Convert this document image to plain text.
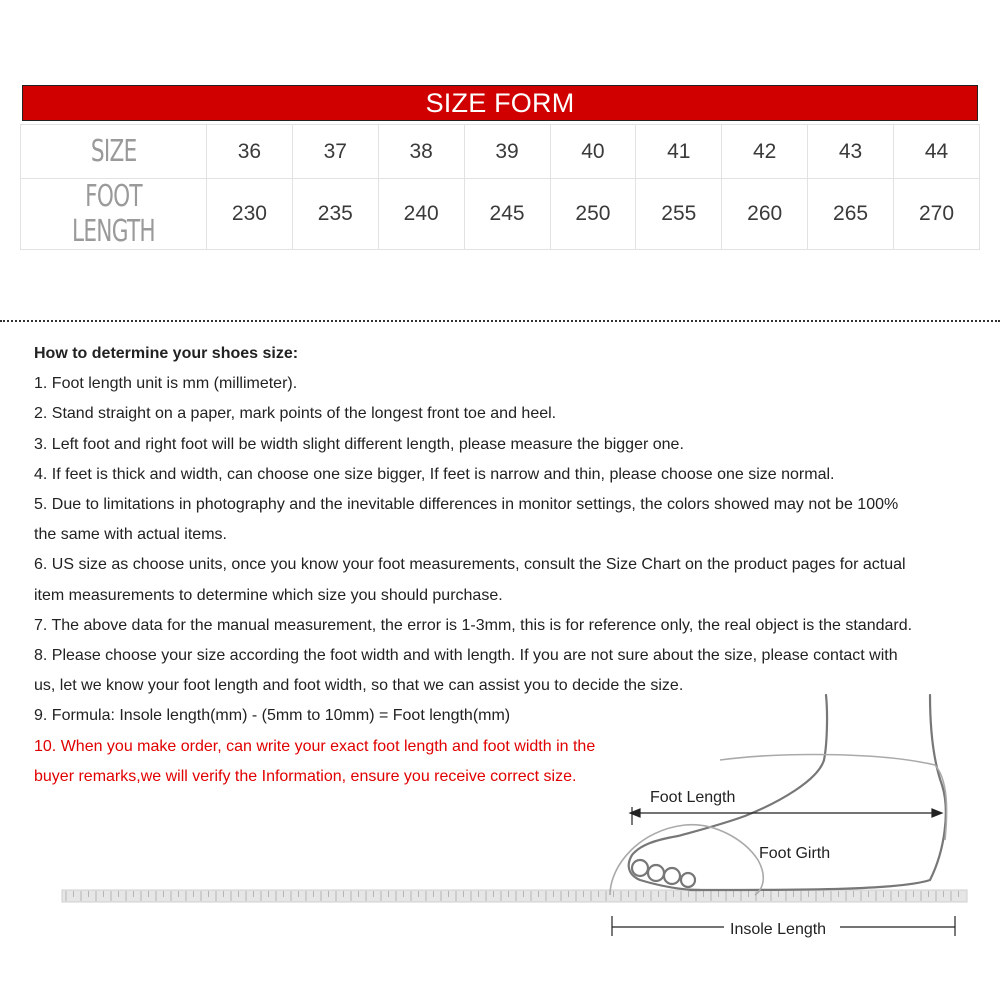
SIZE FORM
SIZE	36	37	38	39	40	41	42	43	44
FOOT LENGTH	230	235	240	245	250	255	260	265	270
How to determine your shoes size:
1. Foot length unit is mm (millimeter).
2. Stand straight on a paper, mark points of the longest front toe and heel.
3. Left foot and right foot will be width slight different length, please measure the bigger one.
4. If feet is thick and width, can choose one size bigger, If feet is narrow and thin, please choose one size normal.
5. Due to limitations in photography and the inevitable differences in monitor settings, the colors showed may not be 100%
the same with actual items.
6. US size as choose units, once you know your foot measurements, consult the Size Chart on the product pages for actual
item measurements to determine which size you should purchase.
7. The above data for the manual measurement, the error is 1-3mm, this is for reference only, the real object is the standard.
8. Please choose your size according the foot width and with length. If you are not sure about the size, please contact with
us, let we know your foot length and foot width, so that we can assist you to decide the size.
9. Formula: Insole length(mm) - (5mm to 10mm) = Foot length(mm)
10. When you make order, can write your exact foot length and foot width in the
buyer remarks,we will verify the Information, ensure you receive correct size.
Foot Length
Foot Girth
Insole Length
